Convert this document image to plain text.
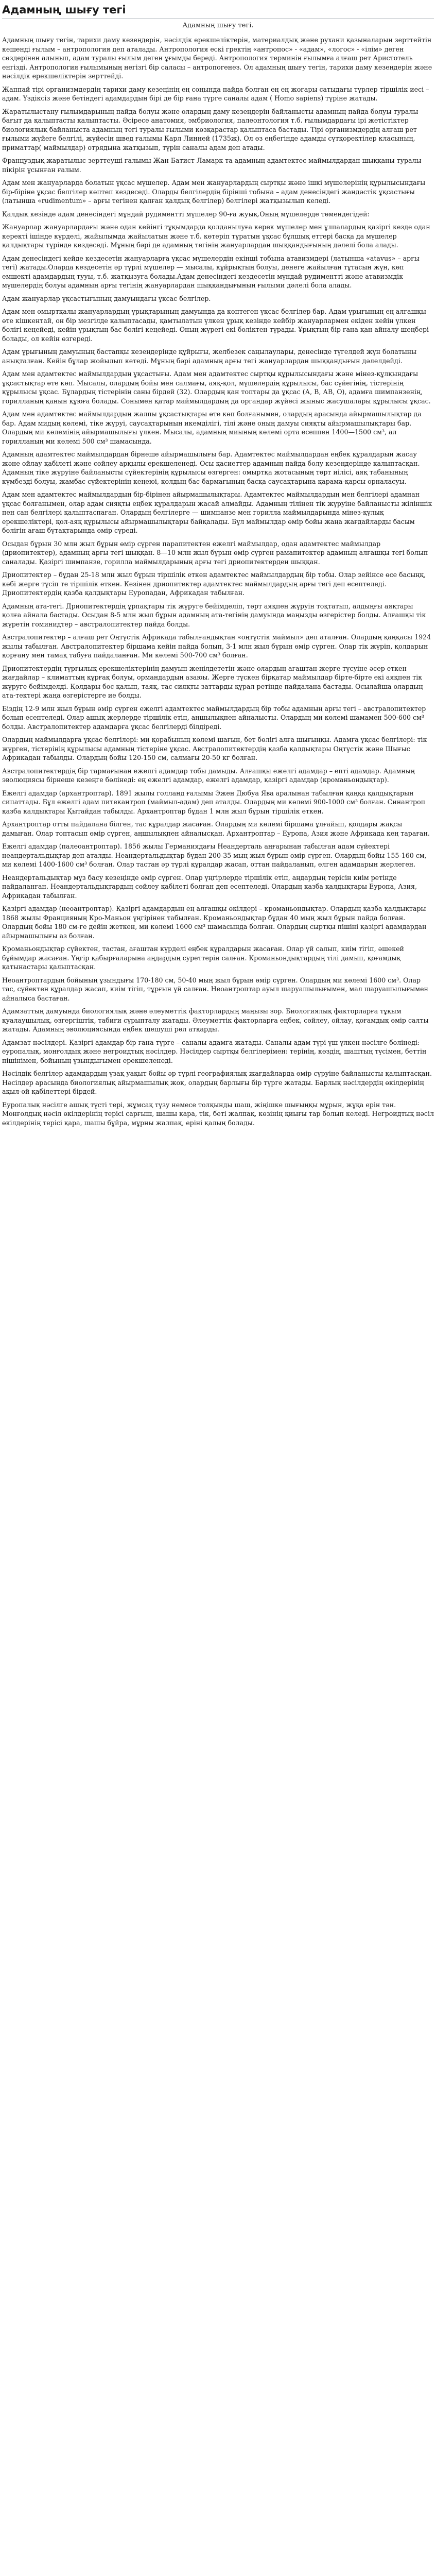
Адамның шығу тегі
Адамның шығу тегі.

Адамның шығу тегін, тарихи даму кезеңдерін, нәсілдік ерекшеліктерін, материалдық және рухани қазыналарын зерттейтін кешенді ғылым – антропология деп аталады. Антропология ескі гректің «антропос» - «адам», «логос» - «ілім» деген сөздерінен алынып, адам туралы ғылым деген ұғымды береді. Антропология терминін ғылымға алғаш рет Аристотель енгізді. Антропология ғылымының негізгі бір саласы – антропогенез. Ол адамның шығу тегін, тарихи даму кезеңдерін және нәсілдік ерекшеліктерін зерттейді.

Жаппай тірі организмдердің тарихи даму кезеңінің ең соңында пайда болған ең ең жоғары сатыдағы түрлер тіршілік иесі – адам. Үздіксіз және бетіндегі адамдардың бірі де бір ғана түрге саналы адам ( Homo sapiens) түріне жатады.

Жаратылыстану ғылымдарының пайда болуы және олардың даму кезеңдерін байланысты адамның пайда болуы туралы бағыт да қалыптасты қалыптасты. Әсіресе анатомия, эмбриология, палеонтология т.б. ғылымдардағы ірі жетістіктер биологиялық байланыста адамның тегі туралы ғылыми көзқарастар қалыптаса бастады. Тірі организмдердің алғаш рет ғылыми жүйеге белгілі, жүйесін швед ғалымы Карл Линней (1735ж). Ол өз еңбегінде адамды сүтқоректілер класының, приматтар( маймылдар) отрядына жатқызып, түрін саналы адам деп атады.

Француздық жаратылыс зерттеуші ғалымы Жан Батист Ламарк та адамның адамтектес маймылдардан шыққаны туралы пікірін ұсынған ғалым.

Адам мен жануарларда болатын ұқсас мүшелер. Адам мен жануарлардың сыртқы және ішкі мүшелерінің құрылысындағы бір-біріне ұқсас белгілер көптеп кездеседі. Оларды белгілердің бірінші тобына – адам денесіндегі жандәстік ұқсастығы (латынша «rudimentum» – арғы тегінен қалған қалдық белгілер) белгілері жатқызылып келеді.

Қалдық кезінде адам денесіндегі мұндай рудиментті мүшелер 90-ға жуық.Оның мүшелерде төмендегідей:

Жануарлар жануарлардағы және одан кейінгі тұқымдарда қолданылуға керек мүшелер мен ұлпалардың қазіргі кезде одан керекті ішінде күрделі, жайылымда жайылатын және т.б. көтеріп тұратын ұқсас бұлшық еттері басқа да мүшелер қалдықтары түрінде кездеседі. Мұның бәрі де адамның тегінің жануарлардан шыққандығының дәлелі бола алады.

Адам денесіндегі кейде кездесетін жануарларға ұқсас мүшелердің екінші тобына атавизмдері (латынша «atavus» – арғы тегі) жатады.Оларда кездесетін әр түрлі мүшелер — мысалы, құйрықтың болуы, денеге жайылған тұтасын жүн, көп емшекті адамдардың тууы, т.б. жатқызуға болады.Адам денесіндегі кездесетін мұндай рудиментті және атавизмдік мүшелердің болуы адамның арғы тегінің жануарлардан шыққандығының ғылыми дәлелі бола алады.

Адам жануарлар ұқсастығының дамуындағы ұқсас белгілер.

Адам мен омыртқалы жануарлардың ұрықтарының дамуында да көптеген ұқсас белгілер бар. Адам ұрығының ең алғашқы өте кішкентай, он бір мезгілде қалыптасады, қамтылатын үлкен ұрық кезінде кейбір жануарлармен екіден кейін үлкен бөлігі кеңейеді, кейін ұрықтың бас бөлігі кеңейеді. Оның жүрегі екі бөліктен тұрады. Ұрықтың бір ғана қан айналу шеңбері болады, ол кейін өзгереді.

Адам ұрығының дамуының бастапқы кезеңдерінде құйрығы, желбезек саңылаулары, денесінде түгелдей жүн болатыны анықталған. Кейін бұлар жойылып кетеді. Мұның бәрі адамның арғы тегі жануарлардан шыққандығын дәлелдейді.

Адам мен адамтектес маймылдардың ұқсастығы. Адам мен адамтектес сыртқы құрылысындағы және мінез-құлқындағы ұқсастықтар өте көп. Мысалы, олардың бойы мен салмағы, аяқ-қол, мүшелердің құрылысы, бас сүйегінің, тістерінің құрылысы ұқсас. Бұлардың тістерінің саны бірдей (32). Олардың қан топтары да ұқсас (А, В, АВ, О), адамға шимпанзенің, горилланың қанын құюға болады. Сонымен қатар маймылдардың да органдар жүйесі жыныс жасушалары құрылысы ұқсас.

Адам мен адамтектес маймылдардың жалпы ұқсастықтары өте көп болғанымен, олардың арасында айырмашылықтар да бар. Адам мидың көлемі, тіке жүруі, саусақтарының икемділігі, тілі және оның дамуы сияқты айырмашылықтары бар. Олардың ми көлемінің айырмашылығы үлкен. Мысалы, адамның миының көлемі орта есеппен 1400—1500 см³, ал горилланың ми көлемі 500 см³ шамасында.

Адамның адамтектес маймылдардан бірнеше айырмашылығы бар. Адамтектес маймылдардан еңбек құралдарын жасау және ойлау қабілеті және сөйлеу арқылы ерекшеленеді. Осы қасиеттер адамның пайда болу кезеңдерінде қалыптасқан. Адамның тіке жүруіне байланысты сүйектерінің құрылысы өзгерген: омыртқа жотасының төрт иілісі, аяқ табанының күмбезді болуы, жамбас сүйектерінің кеңеюі, қолдың бас бармағының басқа саусақтарына қарама-қарсы орналасуы.

Адам мен адамтектес маймылдардың бір-бірінен айырмашылықтары. Адамтектес маймылдардың мен белгілері адамнан ұқсас болғанымен, олар адам сияқты еңбек құралдарын жасай алмайды. Адамның тілінен тік жүруіне байланысты жіліншік пен сан белгілері қалыптаспаған. Олардың белгілерге — шимпанзе мен горилла маймылдарында мінез-құлық ерекшеліктері, қол-аяқ құрылысы айырмашылықтары байқалады. Бұл маймылдар өмір бойы жаңа жағдайларды басым бөлігін ағаш бұтақтарында өмір сүреді.

Осыдан бұрын 30 млн жыл бұрын өмір сүрген парапитектен ежелгі маймылдар, одан адамтектес маймылдар (дриопитектер), адамның арғы тегі шыққан. 8—10 млн жыл бұрын өмір сүрген рамапитектер адамның алғашқы тегі болып саналады. Қазіргі шимпанзе, горилла маймылдарының арғы тегі дриопитектерден шыққан.

Дриопитектер – бұдан 25-18 млн жыл бұрын тіршілік еткен адамтектес маймылдардың бір тобы. Олар зейінсе өсе басыңқ, көбі жерге түсіп те тіршілік еткен. Кезінен дриопитектер адамтектес маймылдардың арғы тегі деп есептеледі. Дриопитектердің қазба қалдықтары Еуропадан, Африкадан табылған.

Адамның ата-тегі. Дриопитектердің ұрпақтары тік жүруге бейімделіп, төрт аяқпен жүруін тоқтатып, алдыңғы аяқтары қолға айнала бастады. Осыдан 8-5 млн жыл бұрын адамның ата-тегінің дамуында маңызды өзгерістер болды. Алғашқы тік жүретін гоминидтер – австралопитектер пайда болды.

Австралопитектер – алғаш рет Оңтүстік Африкада табылғандықтан «оңтүстік маймыл» деп аталған. Олардың қаңқасы 1924 жылы табылған. Австралопитектер біршама кейін пайда болып, 3-1 млн жыл бұрын өмір сүрген. Олар тік жүріп, қолдарын қорғану мен тамақ табуға пайдаланған. Ми көлемі 500-700 см³ болған.

Дриопитектердің тұрғылық ерекшеліктерінің дамуын жеңілдететін және олардың ағаштан жерге түсуіне әсер еткен жағдайлар – климаттың құрғақ болуы, ормандардың азаюы. Жерге түскен бірқатар маймылдар бірте-бірте екі аяқпен тік жүруге бейімделді. Қолдары бос қалып, таяқ, тас сияқты заттарды құрал ретінде пайдалана бастады. Осылайша олардың ата-тектері жаңа өзгерістерге ие болды.

Біздің 12-9 млн жыл бұрын өмір сүрген ежелгі адамтектес маймылдардың бір тобы адамның арғы тегі – австралопитектер болып есептеледі. Олар ашық жерлерде тіршілік етіп, аңшылықпен айналысты. Олардың ми көлемі шамамен 500-600 см³ болды. Австралопитектер адамдарға ұқсас белгілерді білдіреді.

Олардың маймылдарға ұқсас белгілері: ми қорабының көлемі шағын, бет бөлігі алға шығыңқы. Адамға ұқсас белгілері: тік жүрген, тістерінің құрылысы адамның тістеріне ұқсас. Австралопитектердің қазба қалдықтары Оңтүстік және Шығыс Африкадан табылды. Олардың бойы 120-150 см, салмағы 20-50 кг болған.

Австралопитектердің бір тармағынан ежелгі адамдар тобы дамыды. Алғашқы ежелгі адамдар – епті адамдар. Адамның эволюциясы бірнеше кезеңге бөлінеді: ең ежелгі адамдар, ежелгі адамдар, қазіргі адамдар (кроманьондықтар).

Ежелгі адамдар (архантроптар). 1891 жылы голланд ғалымы Эжен Дюбуа Ява аралынан табылған қаңқа қалдықтарын сипаттады. Бұл ежелгі адам питекантроп (маймыл-адам) деп аталды. Олардың ми көлемі 900-1000 см³ болған. Синантроп қазба қалдықтары Қытайдан табылды. Архантроптар бұдан 1 млн жыл бұрын тіршілік еткен.

Архантроптар отты пайдалана білген, тас құралдар жасаған. Олардың ми көлемі біршама ұлғайып, қолдары жақсы дамыған. Олар топтасып өмір сүрген, аңшылықпен айналысқан. Архантроптар – Еуропа, Азия және Африкада кең тараған.

Ежелгі адамдар (палеоантроптар). 1856 жылы Германиядағы Неандерталь аңғарынан табылған адам сүйектері неандертальдықтар деп аталды. Неандертальдықтар бұдан 200-35 мың жыл бұрын өмір сүрген. Олардың бойы 155-160 см, ми көлемі 1400-1600 см³ болған. Олар тастан әр түрлі құралдар жасап, оттан пайдаланып, өлген адамдарын жерлеген.

Неандертальдықтар мұз басу кезеңінде өмір сүрген. Олар үңгірлерде тіршілік етіп, аңдардың терісін киім ретінде пайдаланған. Неандертальдықтардың сөйлеу қабілеті болған деп есептеледі. Олардың қазба қалдықтары Еуропа, Азия, Африкадан табылған.

Қазіргі адамдар (неоантроптар). Қазіргі адамдардың ең алғашқы өкілдері – кроманьондықтар. Олардың қазба қалдықтары 1868 жылы Францияның Кро-Маньон үңгірінен табылған. Кроманьондықтар бұдан 40 мың жыл бұрын пайда болған. Олардың бойы 180 см-ге дейін жеткен, ми көлемі 1600 см³ шамасында болған. Олардың сыртқы пішіні қазіргі адамдардан айырмашылығы аз болған.

Кроманьондықтар сүйектен, тастан, ағаштан күрделі еңбек құралдарын жасаған. Олар үй салып, киім тігіп, әшекей бұйымдар жасаған. Үңгір қабырғаларына аңдардың суреттерін салған. Кроманьондықтардың тілі дамып, қоғамдық қатынастары қалыптасқан.

Неоантроптардың бойының ұзындығы 170-180 см, 50-40 мың жыл бұрын өмір сүрген. Олардың ми көлемі 1600 см³. Олар тас, сүйектен құралдар жасап, киім тігіп, тұрғын үй салған. Неоантроптар ауыл шаруашылығымен, мал шаруашылығымен айналыса бастаған.

Адамзаттың дамуында биологиялық және әлеуметтік факторлардың маңызы зор. Биологиялық факторларға тұқым қуалаушылық, өзгергіштік, табиғи сұрыпталу жатады. Әлеуметтік факторларға еңбек, сөйлеу, ойлау, қоғамдық өмір салты жатады. Адамның эволюциясында еңбек шешуші рөл атқарды.

Адамзат нәсілдері. Қазіргі адамдар бір ғана түрге – саналы адамға жатады. Саналы адам түрі үш үлкен нәсілге бөлінеді: еуропалық, монғолдық және негроидтық нәсілдер. Нәсілдер сыртқы белгілерімен: терінің, көздің, шаштың түсімен, беттің пішінімен, бойының ұзындығымен ерекшеленеді.

Нәсілдік белгілер адамдардың ұзақ уақыт бойы әр түрлі географиялық жағдайларда өмір сүруіне байланысты қалыптасқан. Нәсілдер арасында биологиялық айырмашылық жоқ, олардың барлығы бір түрге жатады. Барлық нәсілдердің өкілдерінің ақыл-ой қабілеттері бірдей.

Еуропалық нәсілге ашық түсті тері, жұмсақ түзу немесе толқынды шаш, жіңішке шығыңқы мұрын, жұқа ерін тән. Монғолдық нәсіл өкілдерінің терісі сарғыш, шашы қара, тік, беті жалпақ, көзінің қиығы тар болып келеді. Негроидтық нәсіл өкілдерінің терісі қара, шашы бұйра, мұрны жалпақ, еріні қалың болады.
